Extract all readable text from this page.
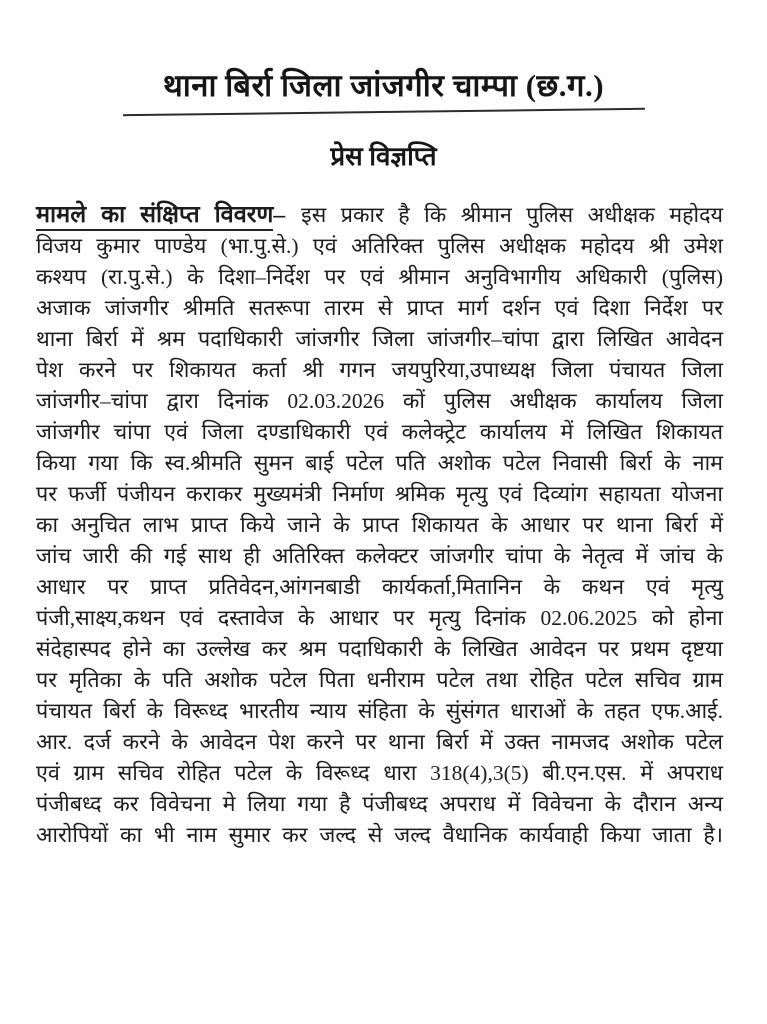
थाना बिर्रा जिला जांजगीर चाम्पा (छ.ग.)
प्रेस विज्ञप्ति
मामले का संक्षिप्त विवरण– इस प्रकार है कि श्रीमान पुलिस अधीक्षक महोदय
विजय कुमार पाण्डेय (भा.पु.से.) एवं अतिरिक्त पुलिस अधीक्षक महोदय श्री उमेश
कश्यप (रा.पु.से.) के दिशा–निर्देश पर एवं श्रीमान अनुविभागीय अधिकारी (पुलिस)
अजाक जांजगीर श्रीमति सतरूपा तारम से प्राप्त मार्ग दर्शन एवं दिशा निर्देश पर
थाना बिर्रा में श्रम पदाधिकारी जांजगीर जिला जांजगीर–चांपा द्वारा लिखित आवेदन
पेश करने पर शिकायत कर्ता श्री गगन जयपुरिया,उपाध्यक्ष जिला पंचायत जिला
जांजगीर–चांपा द्वारा दिनांक 02.03.2026 कों पुलिस अधीक्षक कार्यालय जिला
जांजगीर चांपा एवं जिला दण्डाधिकारी एवं कलेक्ट्रेट कार्यालय में लिखित शिकायत
किया गया कि स्व.श्रीमति सुमन बाई पटेल पति अशोक पटेल निवासी बिर्रा के नाम
पर फर्जी पंजीयन कराकर मुख्यमंत्री निर्माण श्रमिक मृत्यु एवं दिव्यांग सहायता योजना
का अनुचित लाभ प्राप्त किये जाने के प्राप्त शिकायत के आधार पर थाना बिर्रा में
जांच जारी की गई साथ ही अतिरिक्त कलेक्टर जांजगीर चांपा के नेतृत्व में जांच के
आधार पर प्राप्त प्रतिवेदन,आंगनबाडी कार्यकर्ता,मितानिन के कथन एवं मृत्यु
पंजी,साक्ष्य,कथन एवं दस्तावेज के आधार पर मृत्यु दिनांक 02.06.2025 को होना
संदेहास्पद होने का उल्लेख कर श्रम पदाधिकारी के लिखित आवेदन पर प्रथम दृष्टया
पर मृतिका के पति अशोक पटेल पिता धनीराम पटेल तथा रोहित पटेल सचिव ग्राम
पंचायत बिर्रा के विरूध्द भारतीय न्याय संहिता के सुंसंगत धाराओं के तहत एफ.आई.
आर. दर्ज करने के आवेदन पेश करने पर थाना बिर्रा में उक्त नामजद अशोक पटेल
एवं ग्राम सचिव रोहित पटेल के विरूध्द धारा 318(4),3(5) बी.एन.एस. में अपराध
पंजीबध्द कर विवेचना मे लिया गया है पंजीबध्द अपराध में विवेचना के दौरान अन्य
आरोपियों का भी नाम सुमार कर जल्द से जल्द वैधानिक कार्यवाही किया जाता है।
